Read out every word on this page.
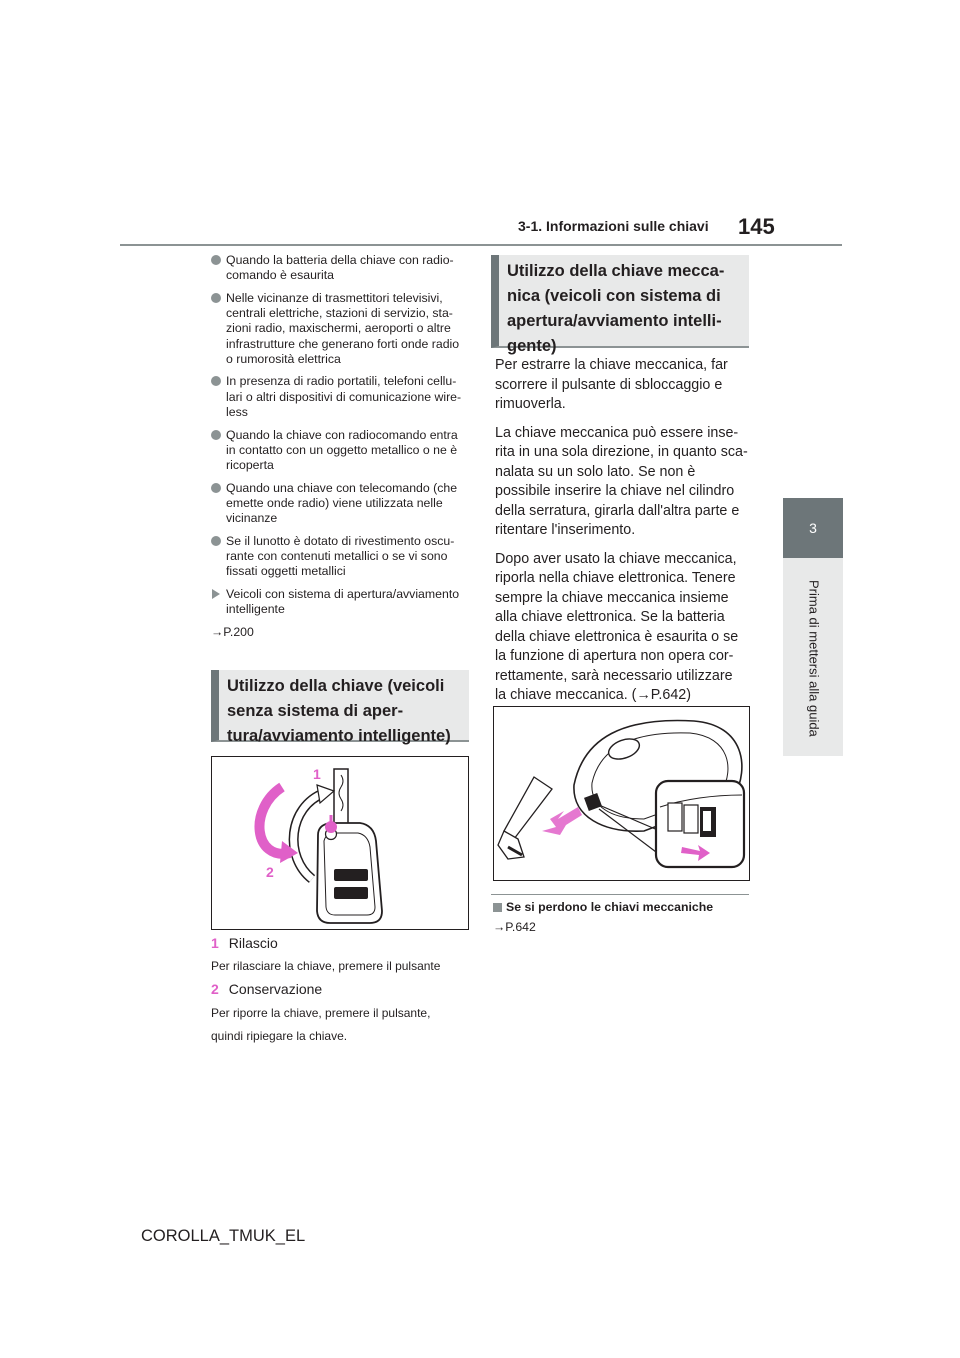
3-1. Informazioni sulle chiavi 145
3
Prima di mettersi alla guida
Quando la batteria della chiave con radio-
comando è esaurita
Nelle vicinanze di trasmettitori televisivi,
centrali elettriche, stazioni di servizio, sta-
zioni radio, maxischermi, aeroporti o altre
infrastrutture che generano forti onde radio
o rumorosità elettrica
In presenza di radio portatili, telefoni cellu-
lari o altri dispositivi di comunicazione wire-
less
Quando la chiave con radiocomando entra
in contatto con un oggetto metallico o ne è
ricoperta
Quando una chiave con telecomando (che
emette onde radio) viene utilizzata nelle
vicinanze
Se il lunotto è dotato di rivestimento oscu-
rante con contenuti metallici o se vi sono
fissati oggetti metallici
Veicoli con sistema di apertura/avviamento
intelligente
→P.200
Utilizzo della chiave (veicoli
senza sistema di aper-
tura/avviamento intelligente)
1
2
1 Rilascio
Per rilasciare la chiave, premere il pulsante
2 Conservazione
Per riporre la chiave, premere il pulsante,
quindi ripiegare la chiave.
Utilizzo della chiave mecca-
nica (veicoli con sistema di
apertura/avviamento intelli-
gente)

Per estrarre la chiave meccanica, far
scorrere il pulsante di sbloccaggio e
rimuoverla.

La chiave meccanica può essere inse-
rita in una sola direzione, in quanto sca-
nalata su un solo lato. Se non è
possibile inserire la chiave nel cilindro
della serratura, girarla dall'altra parte e
ritentare l'inserimento.

Dopo aver usato la chiave meccanica,
riporla nella chiave elettronica. Tenere
sempre la chiave meccanica insieme
alla chiave elettronica. Se la batteria
della chiave elettronica è esaurita o se
la funzione di apertura non opera cor-
rettamente, sarà necessario utilizzare
la chiave meccanica. (→P.642)

Se si perdono le chiavi meccaniche
→P.642
COROLLA_TMUK_EL
